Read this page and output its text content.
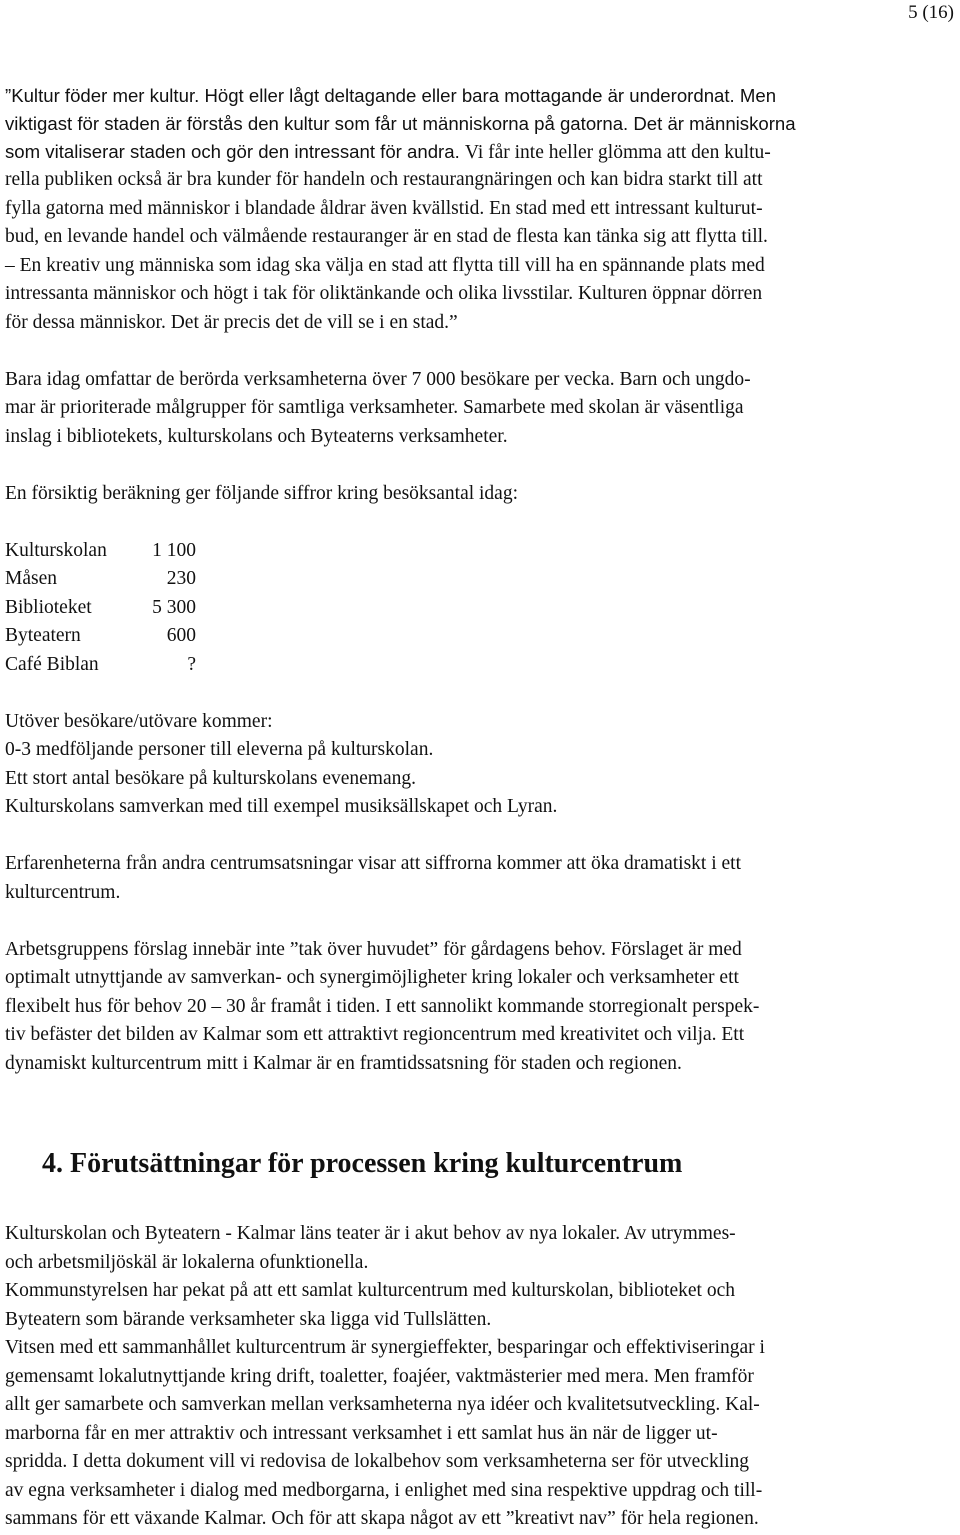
5 (16)
”Kultur föder mer kultur. Högt eller lågt deltagande eller bara mottagande är underordnat. Men
viktigast för staden är förstås den kultur som får ut människorna på gatorna. Det är människorna
som vitaliserar staden och gör den intressant för andra. Vi får inte heller glömma att den kultu-
rella publiken också är bra kunder för handeln och restaurangnäringen och kan bidra starkt till att
fylla gatorna med människor i blandade åldrar även kvällstid. En stad med ett intressant kulturut-
bud, en levande handel och välmående restauranger är en stad de flesta kan tänka sig att flytta till.
– En kreativ ung människa som idag ska välja en stad att flytta till vill ha en spännande plats med
intressanta människor och högt i tak för oliktänkande och olika livsstilar. Kulturen öppnar dörren
för dessa människor. Det är precis det de vill se i en stad.”
Bara idag omfattar de berörda verksamheterna över 7 000 besökare per vecka. Barn och ungdo-
mar är prioriterade målgrupper för samtliga verksamheter. Samarbete med skolan är väsentliga
inslag i bibliotekets, kulturskolans och Byteaterns verksamheter.
En försiktig beräkning ger följande siffror kring besöksantal idag:
Kulturskolan 1 100
Måsen	230
Biblioteket	5 300
Byteatern	600
Café Biblan	?
Utöver besökare/utövare kommer:
0-3 medföljande personer till eleverna på kulturskolan.
Ett stort antal besökare på kulturskolans evenemang.
Kulturskolans samverkan med till exempel musiksällskapet och Lyran.
Erfarenheterna från andra centrumsatsningar visar att siffrorna kommer att öka dramatiskt i ett
kulturcentrum.
Arbetsgruppens förslag innebär inte ”tak över huvudet” för gårdagens behov. Förslaget är med
optimalt utnyttjande av samverkan- och synergimöjligheter kring lokaler och verksamheter ett
flexibelt hus för behov 20 – 30 år framåt i tiden. I ett sannolikt kommande storregionalt perspek-
tiv befäster det bilden av Kalmar som ett attraktivt regioncentrum med kreativitet och vilja. Ett
dynamiskt kulturcentrum mitt i Kalmar är en framtidssatsning för staden och regionen.
4. Förutsättningar för processen kring kulturcentrum
Kulturskolan och Byteatern - Kalmar läns teater är i akut behov av nya lokaler. Av utrymmes-
och arbetsmiljöskäl är lokalerna ofunktionella.
Kommunstyrelsen har pekat på att ett samlat kulturcentrum med kulturskolan, biblioteket och
Byteatern som bärande verksamheter ska ligga vid Tullslätten.
Vitsen med ett sammanhållet kulturcentrum är synergieffekter, besparingar och effektiviseringar i
gemensamt lokalutnyttjande kring drift, toaletter, foajéer, vaktmästerier med mera. Men framför
allt ger samarbete och samverkan mellan verksamheterna nya idéer och kvalitetsutveckling. Kal-
marborna får en mer attraktiv och intressant verksamhet i ett samlat hus än när de ligger ut-
spridda. I detta dokument vill vi redovisa de lokalbehov som verksamheterna ser för utveckling
av egna verksamheter i dialog med medborgarna, i enlighet med sina respektive uppdrag och till-
sammans för ett växande Kalmar. Och för att skapa något av ett ”kreativt nav” för hela regionen.
